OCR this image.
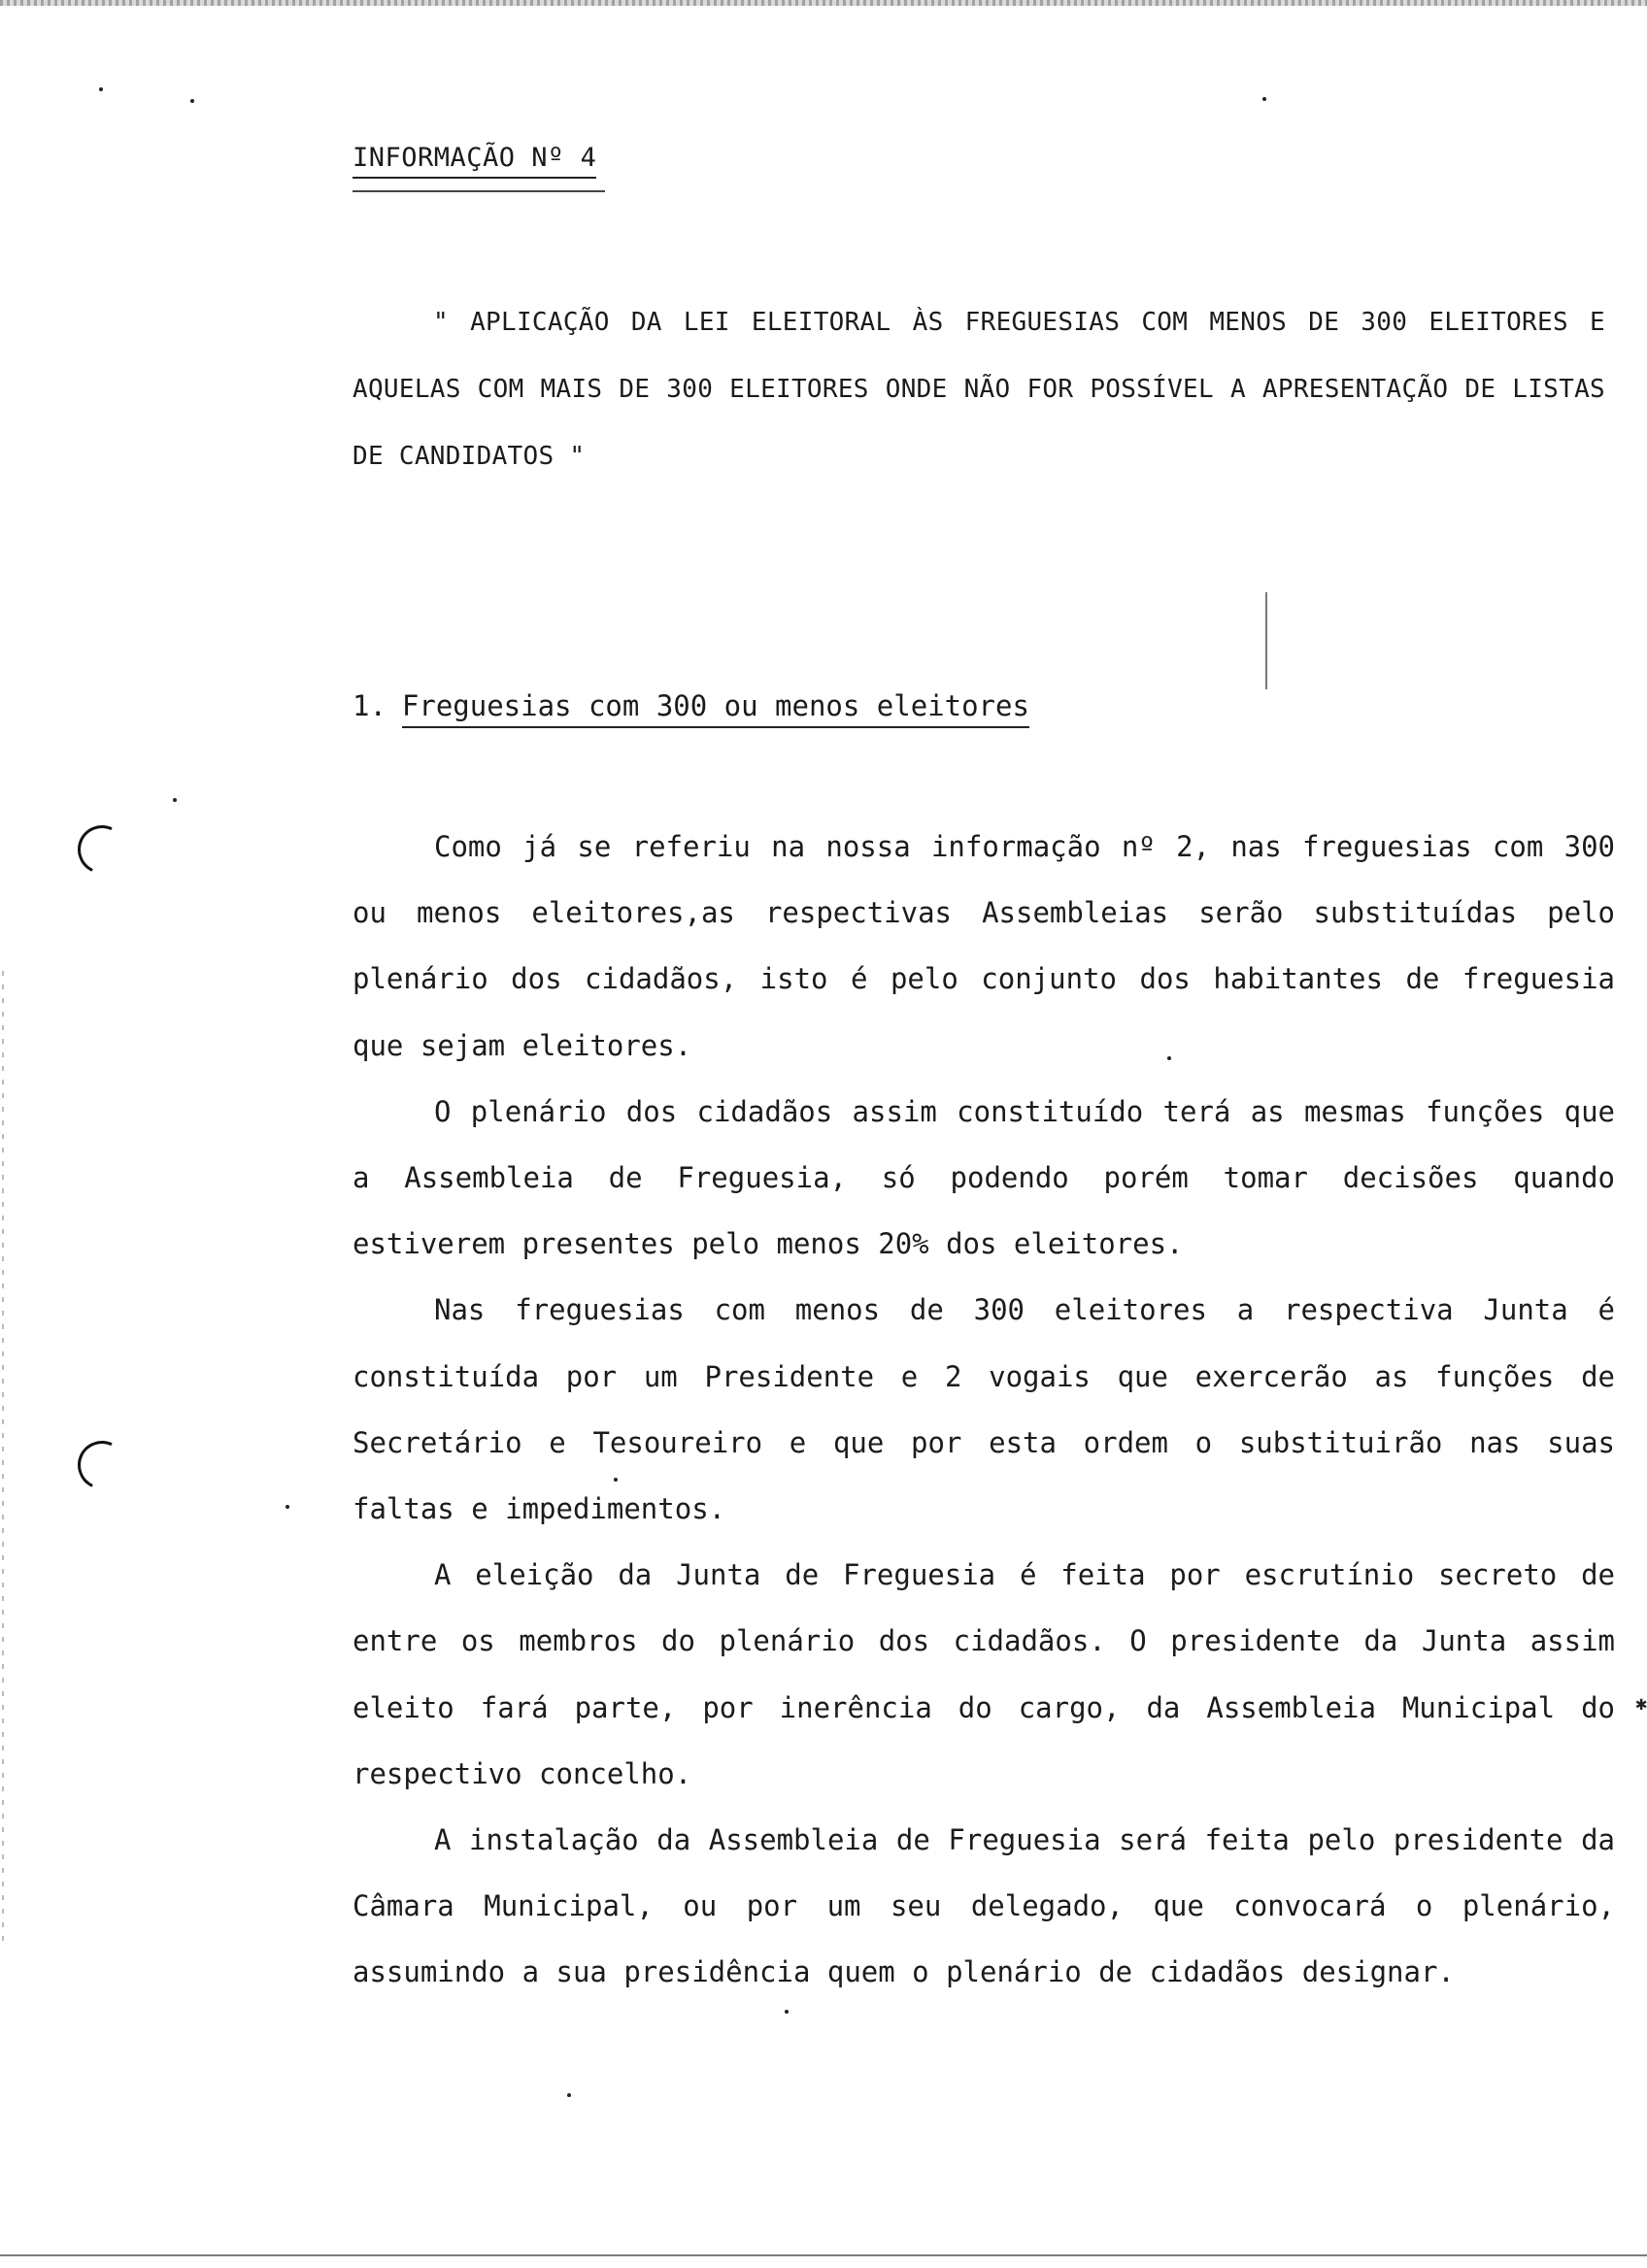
✱
INFORMAÇÃO Nº 4
" APLICAÇÃO DA LEI ELEITORAL ÀS FREGUESIAS COM MENOS DE 300 ELEITORES E AQUELAS COM MAIS DE 300 ELEITORES ONDE NÃO FOR POSSÍVEL A APRESENTAÇÃO DE LISTAS DE CANDIDATOS "
1. Freguesias com 300 ou menos eleitores

Como já se referiu na nossa informação nº 2, nas freguesias com 300 ou menos eleitores,as respectivas Assembleias serão substituídas pelo plenário dos cidadãos, isto é pelo conjunto dos habitantes de freguesia que sejam eleitores.

O plenário dos cidadãos assim constituído terá as mesmas funções que a Assembleia de Freguesia, só podendo porém tomar decisões quando estiverem presentes pelo menos 20% dos eleitores.

Nas freguesias com menos de 300 eleitores a respectiva Junta é constituída por um Presidente e 2 vogais que exercerão as funções de Secretário e Tesoureiro e que por esta ordem o substituirão nas suas faltas e impedimentos.

A eleição da Junta de Freguesia é feita por escrutínio secreto de entre os membros do plenário dos cidadãos. O presidente da Junta assim eleito fará parte, por inerência do cargo, da Assembleia Municipal do respectivo concelho.

A instalação da Assembleia de Freguesia será feita pelo presidente da Câmara Municipal, ou por um seu delegado, que convocará o plenário, assumindo a sua presidência quem o plenário de cidadãos designar.
